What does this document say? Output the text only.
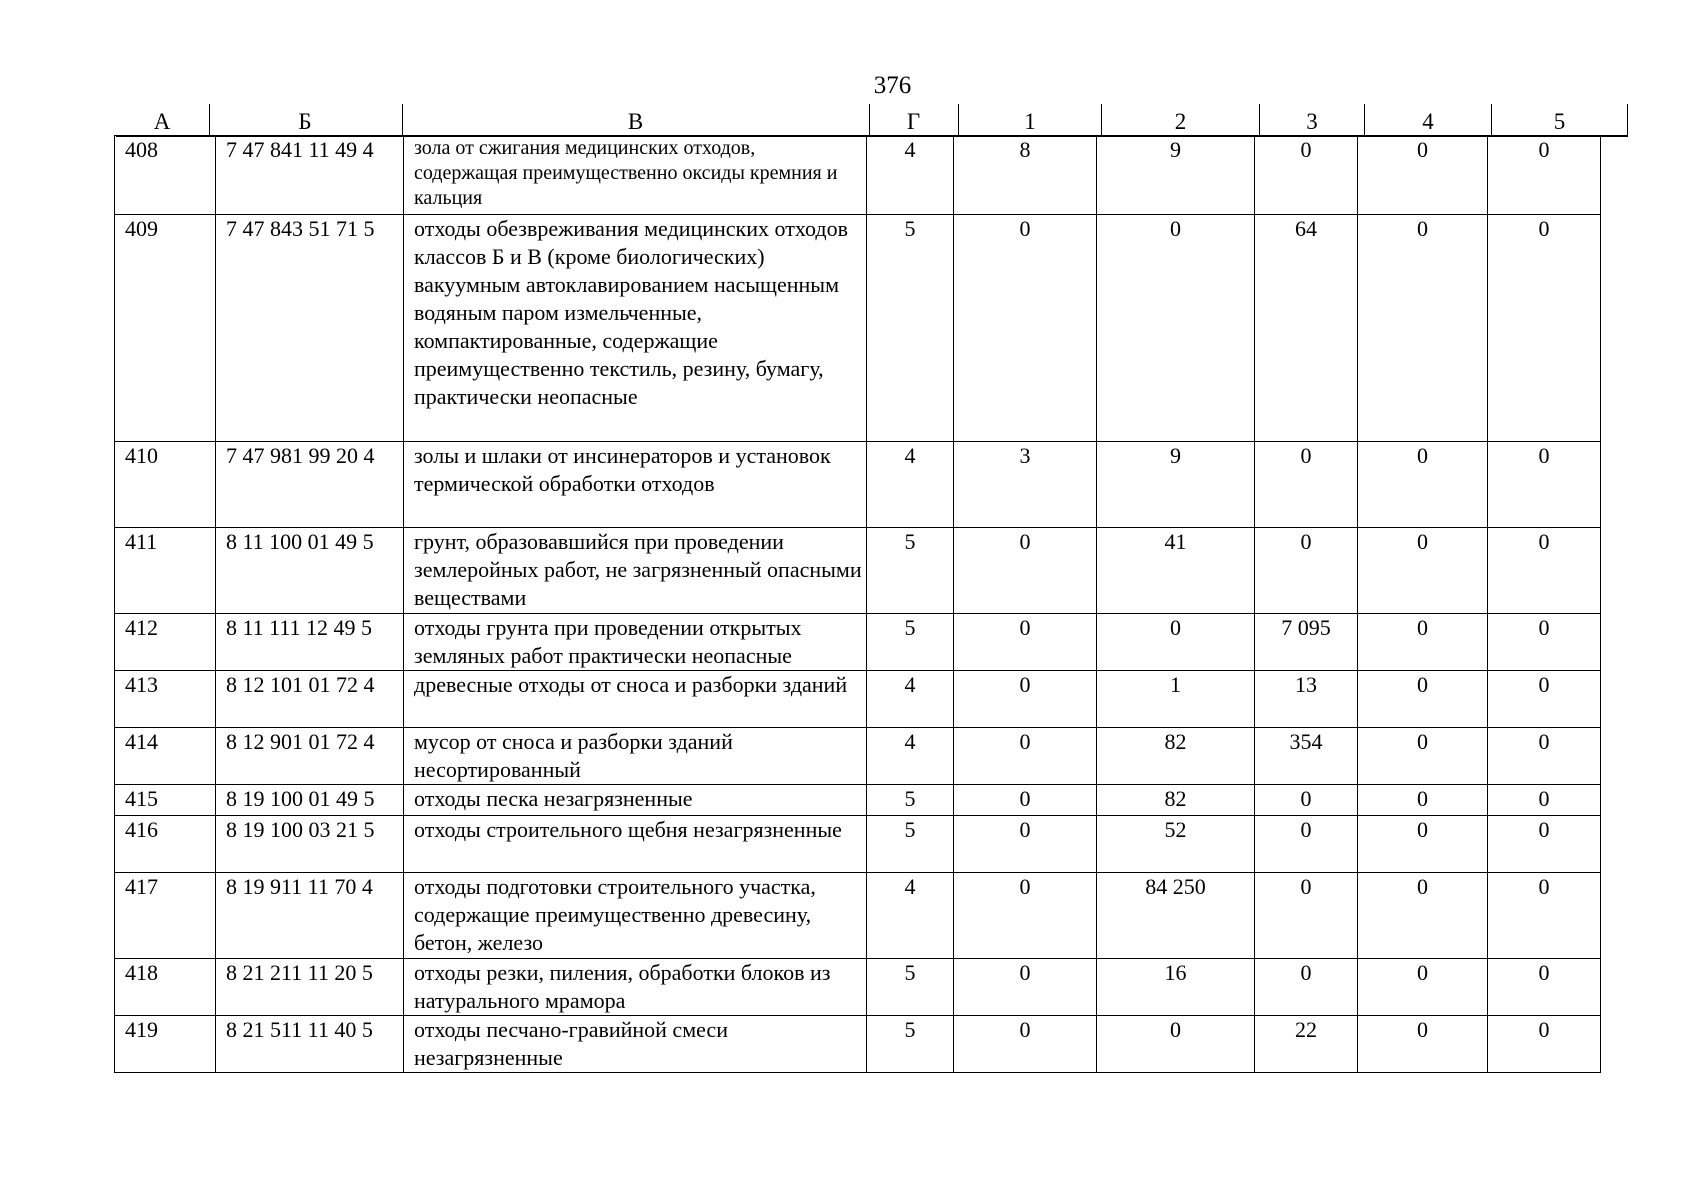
376
А	Б	В	Г	1	2	3	4	5
408	7 47 841 11 49 4	зола от сжигания медицинских отходов, содержащая преимущественно оксиды кремния и кальция	4	8	9	0	0	0
409	7 47 843 51 71 5	отходы обезвреживания медицинских отходов классов Б и В (кроме биологических) вакуумным автоклавированием насыщенным водяным паром измельченные, компактированные, содержащие преимущественно текстиль, резину, бумагу, практически неопасные	5	0	0	64	0	0
410	7 47 981 99 20 4	золы и шлаки от инсинераторов и установок термической обработки отходов	4	3	9	0	0	0
411	8 11 100 01 49 5	грунт, образовавшийся при проведении землеройных работ, не загрязненный опасными веществами	5	0	41	0	0	0
412	8 11 111 12 49 5	отходы грунта при проведении открытых земляных работ практически неопасные	5	0	0	7 095	0	0
413	8 12 101 01 72 4	древесные отходы от сноса и разборки зданий	4	0	1	13	0	0
414	8 12 901 01 72 4	мусор от сноса и разборки зданий несортированный	4	0	82	354	0	0
415	8 19 100 01 49 5	отходы песка незагрязненные	5	0	82	0	0	0
416	8 19 100 03 21 5	отходы строительного щебня незагрязненные	5	0	52	0	0	0
417	8 19 911 11 70 4	отходы подготовки строительного участка, содержащие преимущественно древесину, бетон, железо	4	0	84 250	0	0	0
418	8 21 211 11 20 5	отходы резки, пиления, обработки блоков из натурального мрамора	5	0	16	0	0	0
419	8 21 511 11 40 5	отходы песчано-гравийной смеси незагрязненные	5	0	0	22	0	0
